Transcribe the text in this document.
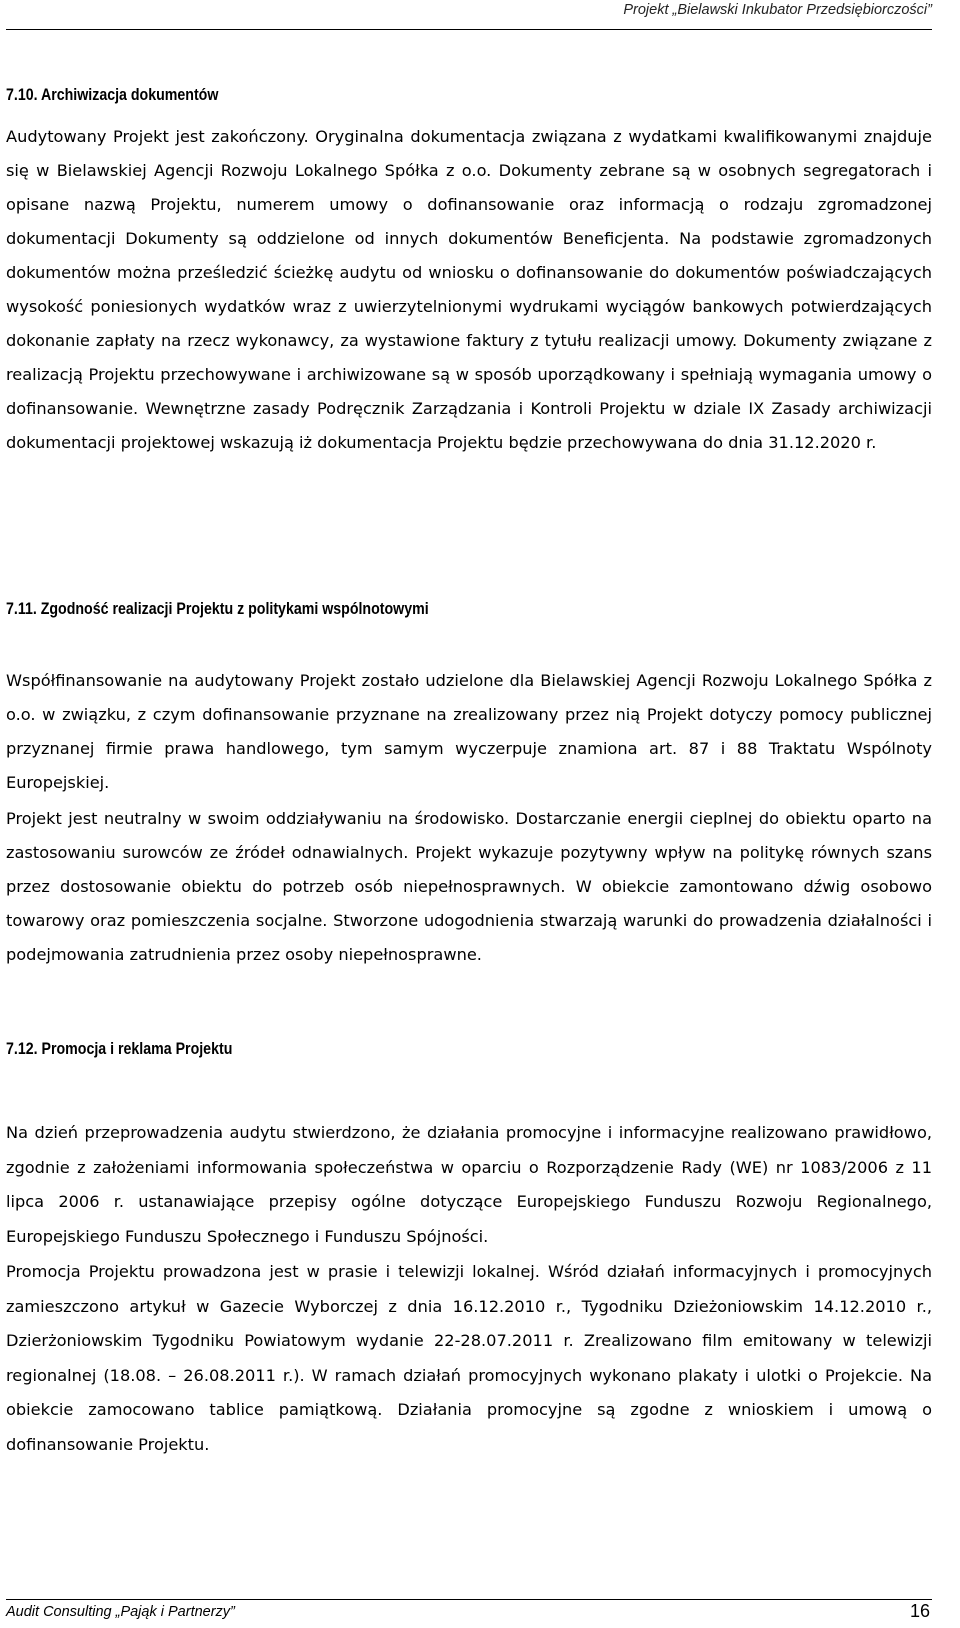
Projekt „Bielawski Inkubator Przedsiębiorczości”
7.10. Archiwizacja dokumentów

Audytowany Projekt jest zakończony. Oryginalna dokumentacja związana z wydatkami kwalifikowanymi znajduje się w Bielawskiej Agencji Rozwoju Lokalnego Spółka z o.o. Dokumenty zebrane są w osobnych segregatorach i opisane nazwą Projektu, numerem umowy o dofinansowanie oraz informacją o rodzaju zgromadzonej dokumentacji Dokumenty są oddzielone od innych dokumentów Beneficjenta. Na podstawie zgromadzonych dokumentów można prześledzić ścieżkę audytu od wniosku o dofinansowanie do dokumentów poświadczających wysokość poniesionych wydatków wraz z uwierzytelnionymi wydrukami wyciągów bankowych potwierdzających dokonanie zapłaty na rzecz wykonawcy, za wystawione faktury z tytułu realizacji umowy. Dokumenty związane z realizacją Projektu przechowywane i archiwizowane są w sposób uporządkowany i spełniają wymagania umowy o dofinansowanie. Wewnętrzne zasady Podręcznik Zarządzania i Kontroli Projektu w dziale IX Zasady archiwizacji dokumentacji projektowej wskazują iż dokumentacja Projektu będzie przechowywana do dnia 31.12.2020 r.

7.11. Zgodność realizacji Projektu z politykami wspólnotowymi

Współfinansowanie na audytowany Projekt zostało udzielone dla Bielawskiej Agencji Rozwoju Lokalnego Spółka z o.o. w związku, z czym dofinansowanie przyznane na zrealizowany przez nią Projekt dotyczy pomocy publicznej przyznanej firmie prawa handlowego, tym samym wyczerpuje znamiona art. 87 i 88 Traktatu Wspólnoty Europejskiej.

Projekt jest neutralny w swoim oddziaływaniu na środowisko. Dostarczanie energii cieplnej do obiektu oparto na zastosowaniu surowców ze źródeł odnawialnych. Projekt wykazuje pozytywny wpływ na politykę równych szans przez dostosowanie obiektu do potrzeb osób niepełnosprawnych. W obiekcie zamontowano dźwig osobowo towarowy oraz pomieszczenia socjalne. Stworzone udogodnienia stwarzają warunki do prowadzenia działalności i podejmowania zatrudnienia przez osoby niepełnosprawne.

7.12. Promocja i reklama Projektu

Na dzień przeprowadzenia audytu stwierdzono, że działania promocyjne i informacyjne realizowano prawidłowo, zgodnie z założeniami informowania społeczeństwa w oparciu o Rozporządzenie Rady (WE) nr 1083/2006 z 11 lipca 2006 r. ustanawiające przepisy ogólne dotyczące Europejskiego Funduszu Rozwoju Regionalnego, Europejskiego Funduszu Społecznego i Funduszu Spójności.

Promocja Projektu prowadzona jest w prasie i telewizji lokalnej. Wśród działań informacyjnych i promocyjnych zamieszczono artykuł w Gazecie Wyborczej z dnia 16.12.2010 r., Tygodniku Dzieżoniowskim 14.12.2010 r., Dzierżoniowskim Tygodniku Powiatowym wydanie 22-28.07.2011 r. Zrealizowano film emitowany w telewizji regionalnej (18.08. – 26.08.2011 r.). W ramach działań promocyjnych wykonano plakaty i ulotki o Projekcie. Na obiekcie zamocowano tablice pamiątkową. Działania promocyjne są zgodne z wnioskiem i umową o dofinansowanie Projektu.

Audit Consulting „Pająk i Partnerzy”	16
